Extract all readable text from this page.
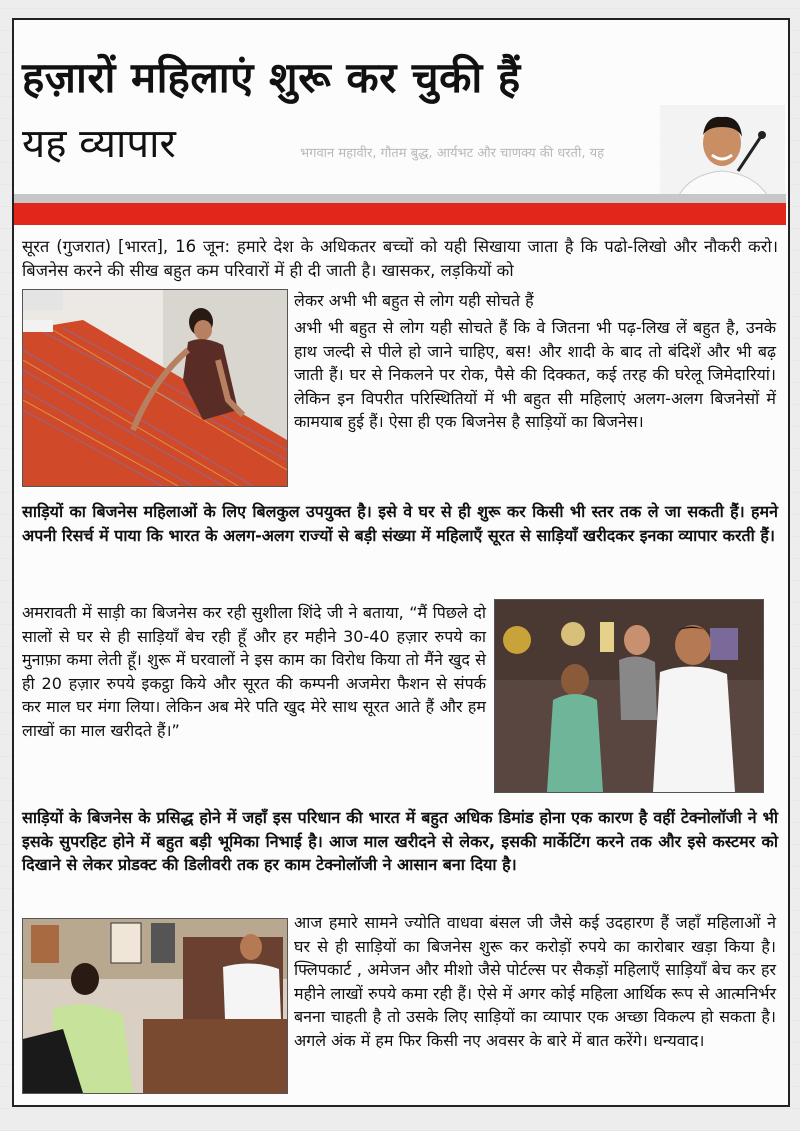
भगवान महावीर, गौतम बुद्ध, आर्यभट और चाणक्य की धरती, यह
हज़ारों महिलाएं शुरू कर चुकी हैं
यह व्यापार

सूरत (गुजरात) [भारत], 16 जून: हमारे देश के अधिकतर बच्चों को यही सिखाया जाता है कि पढो-लिखो और नौकरी करो। बिजनेस करने की सीख बहुत कम परिवारों में ही दी जाती है। खासकर, लड़कियों को

लेकर अभी भी बहुत से लोग यही सोचते हैं

अभी भी बहुत से लोग यही सोचते हैं कि वे जितना भी पढ़-लिख लें बहुत है, उनके हाथ जल्दी से पीले हो जाने चाहिए, बस! और शादी के बाद तो बंदिशें और भी बढ़ जाती हैं। घर से निकलने पर रोक, पैसे की दिक्कत, कई तरह की घरेलू जिमेदारियां। लेकिन इन विपरीत परिस्थितियों में भी बहुत सी महिलाएं अलग-अलग बिजनेसों में कामयाब हुई हैं। ऐसा ही एक बिजनेस है साड़ियों का बिजनेस।

साड़ियों का बिजनेस महिलाओं के लिए बिलकुल उपयुक्त है। इसे वे घर से ही शुरू कर किसी भी स्तर तक ले जा सकती हैं। हमने अपनी रिसर्च में पाया कि भारत के अलग-अलग राज्यों से बड़ी संख्या में महिलाएँ सूरत से साड़ियाँ खरीदकर इनका व्यापार करती हैं।

अमरावती में साड़ी का बिजनेस कर रही सुशीला शिंदे जी ने बताया, “मैं पिछले दो सालों से घर से ही साड़ियाँ बेच रही हूँ और हर महीने 30-40 हज़ार रुपये का मुनाफ़ा कमा लेती हूँ। शुरू में घरवालों ने इस काम का विरोध किया तो मैंने खुद से ही 20 हज़ार रुपये इकट्ठा किये और सूरत की कम्पनी अजमेरा फैशन से संपर्क कर माल घर मंगा लिया। लेकिन अब मेरे पति खुद मेरे साथ सूरत आते हैं और हम लाखों का माल खरीदते हैं।”

साड़ियों के बिजनेस के प्रसिद्ध होने में जहाँ इस परिधान की भारत में बहुत अधिक डिमांड होना एक कारण है वहीं टेक्नोलॉजी ने भी इसके सुपरहिट होने में बहुत बड़ी भूमिका निभाई है। आज माल खरीदने से लेकर, इसकी मार्केटिंग करने तक और इसे कस्टमर को दिखाने से लेकर प्रोडक्ट की डिलीवरी तक हर काम टेक्नोलॉजी ने आसान बना दिया है।

आज हमारे सामने ज्योति वाधवा बंसल जी जैसे कई उदहारण हैं जहाँ महिलाओं ने घर से ही साड़ियों का बिजनेस शुरू कर करोड़ों रुपये का कारोबार खड़ा किया है।फ्लिपकार्ट , अमेजन और मीशो जैसे पोर्टल्स पर सैकड़ों महिलाएँ साड़ियाँ बेच कर हर महीने लाखों रुपये कमा रही हैं। ऐसे में अगर कोई महिला आर्थिक रूप से आत्मनिर्भर बनना चाहती है तो उसके लिए साड़ियों का व्यापार एक अच्छा विकल्प हो सकता है। अगले अंक में हम फिर किसी नए अवसर के बारे में बात करेंगे। धन्यवाद।
